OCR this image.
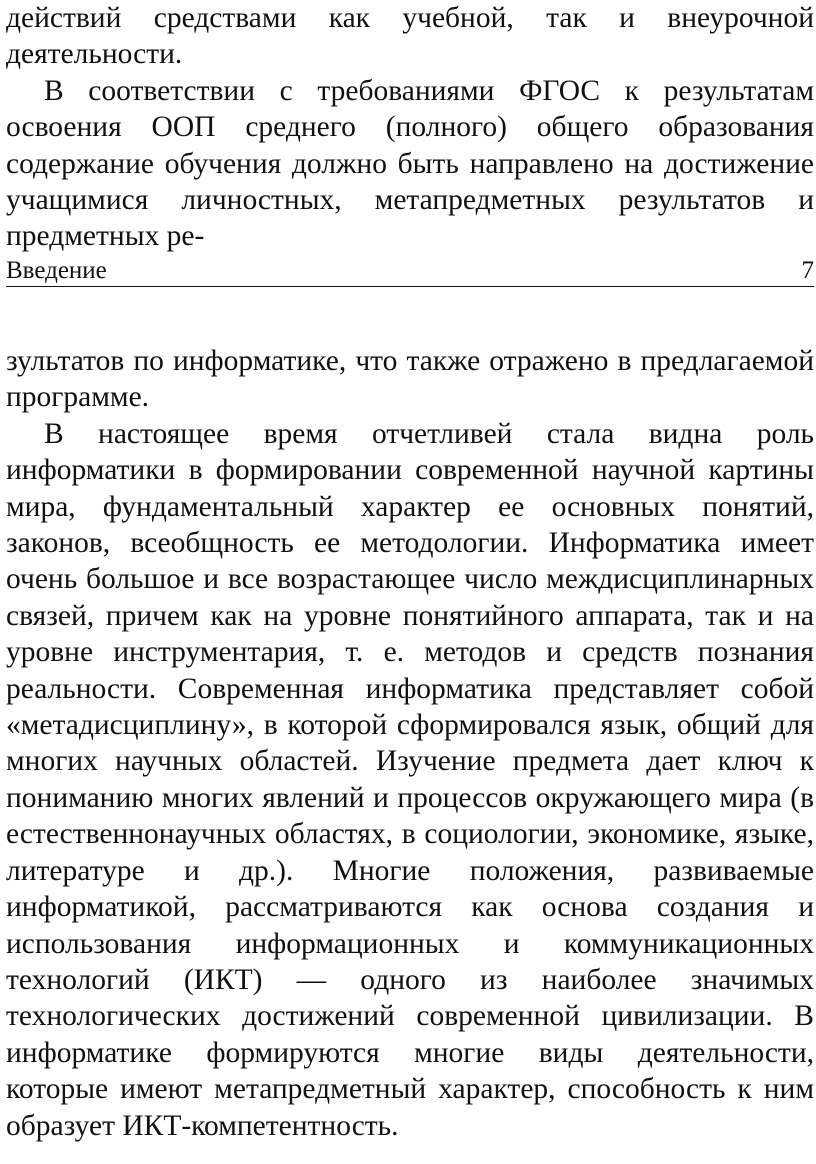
действий средствами как учебной, так и внеурочной деятельности.

В соответствии с требованиями ФГОС к результатам освоения ООП среднего (полного) общего образования содержание обучения должно быть направлено на достижение учащимися личностных, метапредметных результатов и предметных ре-

Введение	7

зультатов по информатике, что также отражено в предлагаемой программе.

В настоящее время отчетливей стала видна роль информатики в формировании современной научной картины мира, фундаментальный характер ее основных понятий, законов, всеобщность ее методологии. Информатика имеет очень большое и все возрастающее число междисциплинарных связей, причем как на уровне понятийного аппарата, так и на уровне инструментария, т. е. методов и средств познания реальности. Современная информатика представляет собой «метадисциплину», в которой сформировался язык, общий для многих научных областей. Изучение предмета дает ключ к пониманию многих явлений и процессов окружающего мира (в естественнонаучных областях, в социологии, экономике, языке, литературе и др.). Многие положения, развиваемые информатикой, рассматриваются как основа создания и использования информационных и коммуникационных технологий (ИКТ) — одного из наиболее значимых технологических достижений современной цивилизации. В информатике формируются многие виды деятельности, которые имеют метапредметный характер, способность к ним образует ИКТ-компетентность.
